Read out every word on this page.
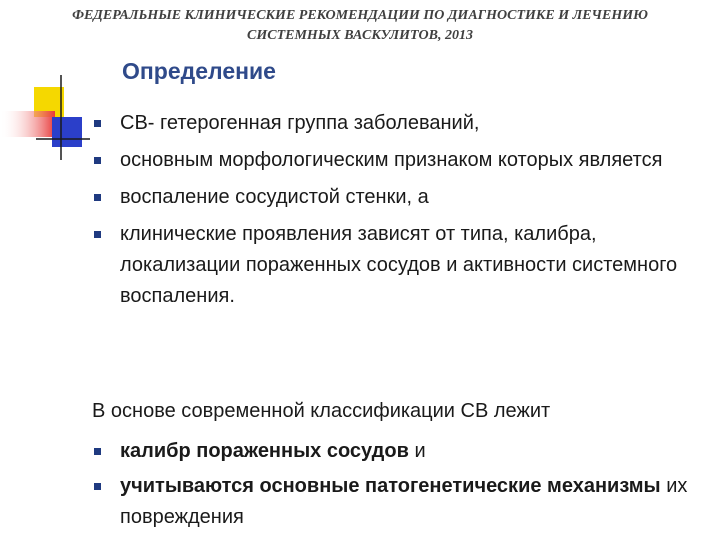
ФЕДЕРАЛЬНЫЕ КЛИНИЧЕСКИЕ РЕКОМЕНДАЦИИ ПО ДИАГНОСТИКЕ И ЛЕЧЕНИЮ
СИСТЕМНЫХ ВАСКУЛИТОВ, 2013
Определение
СВ- гетерогенная группа заболеваний,
основным морфологическим признаком которых является
воспаление сосудистой стенки, а
клинические проявления зависят от типа, калибра, локализации пораженных сосудов и активности системного воспаления.
В основе современной классификации СВ лежит
калибр пораженных сосудов и
учитываются основные патогенетические механизмы их повреждения
